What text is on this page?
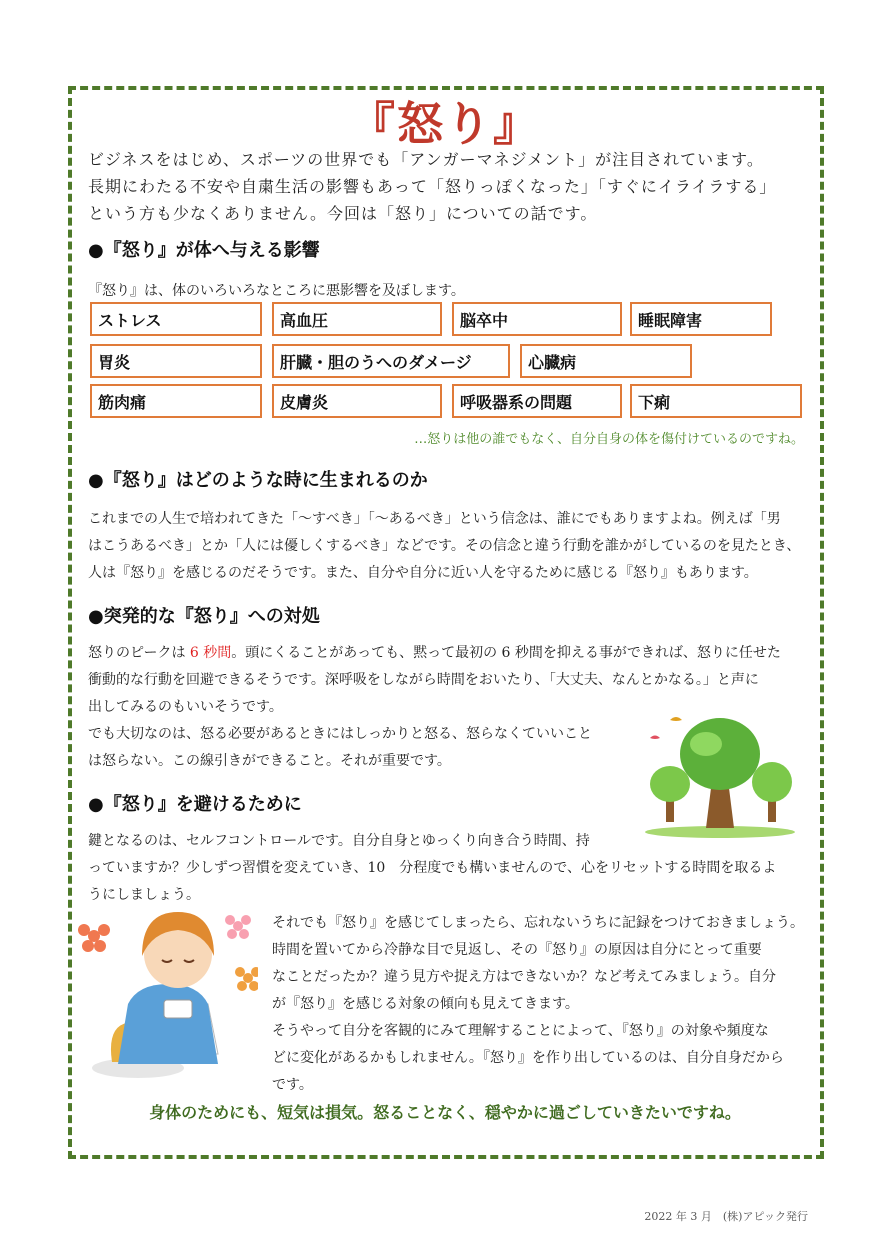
『怒り』

ビジネスをはじめ、スポーツの世界でも「アンガーマネジメント」が注目されています。

長期にわたる不安や自粛生活の影響もあって「怒りっぽくなった」「すぐにイライラする」

という方も少なくありません。今回は「怒り」についての話です。

●『怒り』が体へ与える影響
『怒り』は、体のいろいろなところに悪影響を及ぼします。
ストレス	高血圧	脳卒中	睡眠障害
胃炎	肝臓・胆のうへのダメージ	心臓病
筋肉痛	皮膚炎	呼吸器系の問題	下痢
…怒りは他の誰でもなく、自分自身の体を傷付けているのですね。
●『怒り』はどのような時に生まれるのか

これまでの人生で培われてきた「～すべき」「～あるべき」という信念は、誰にでもありますよね。例えば「男

はこうあるべき」とか「人には優しくするべき」などです。その信念と違う行動を誰かがしているのを見たとき、

人は『怒り』を感じるのだそうです。また、自分や自分に近い人を守るために感じる『怒り』もあります。

●突発的な『怒り』への対処

怒りのピークは 6 秒間。頭にくることがあっても、黙って最初の 6 秒間を抑える事ができれば、怒りに任せた

衝動的な行動を回避できるそうです。深呼吸をしながら時間をおいたり、「大丈夫、なんとかなる。」と声に

出してみるのもいいそうです。

でも大切なのは、怒る必要があるときにはしっかりと怒る、怒らなくていいこと

は怒らない。この線引きができること。それが重要です。

●『怒り』を避けるために

鍵となるのは、セルフコントロールです。自分自身とゆっくり向き合う時間、持

っていますか？少しずつ習慣を変えていき、10　分程度でも構いませんので、心をリセットする時間を取るよ

うにしましょう。

それでも『怒り』を感じてしまったら、忘れないうちに記録をつけておきましょう。

時間を置いてから冷静な目で見返し、その『怒り』の原因は自分にとって重要

なことだったか？違う見方や捉え方はできないか？など考えてみましょう。自分

が『怒り』を感じる対象の傾向も見えてきます。

そうやって自分を客観的にみて理解することによって、『怒り』の対象や頻度な

どに変化があるかもしれません。『怒り』を作り出しているのは、自分自身だから

です。

身体のためにも、短気は損気。怒ることなく、穏やかに過ごしていきたいですね。
2022 年 3 月　(株)アピック発行
